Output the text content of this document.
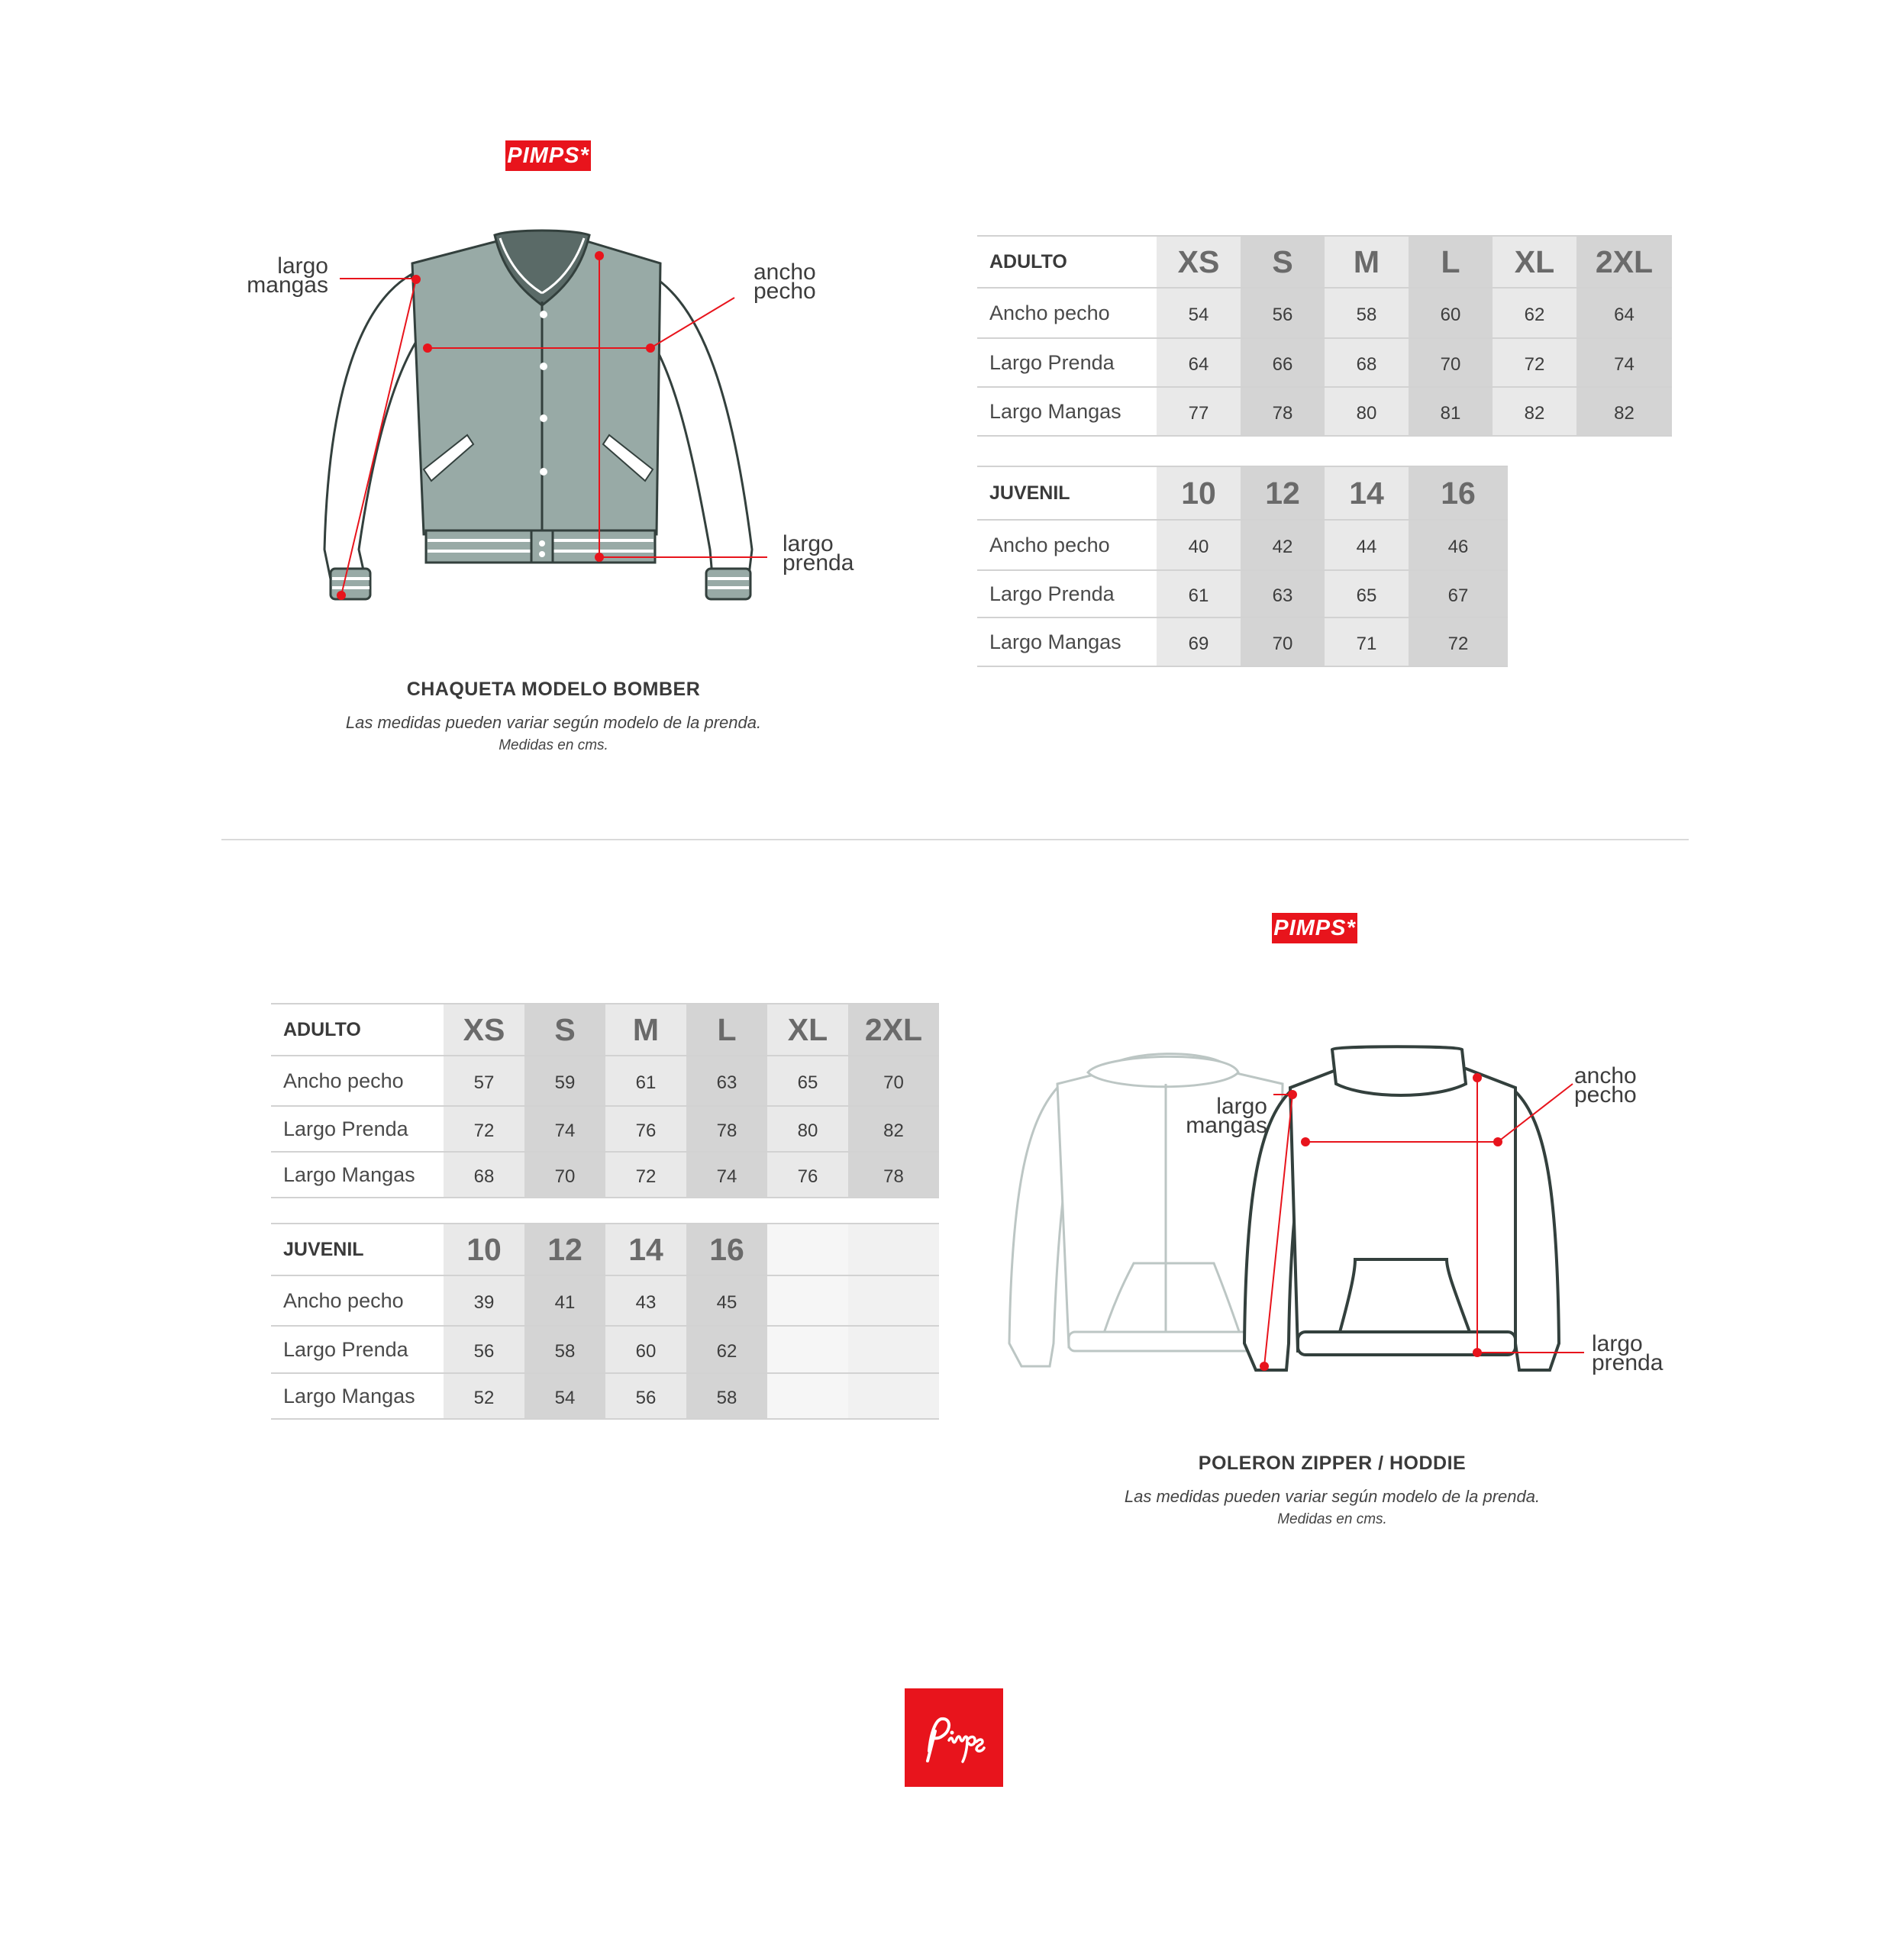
PIMPS*
largo
mangas
ancho
pecho
largo
prenda
CHAQUETA MODELO BOMBER
Las medidas pueden variar según modelo de la prenda.
Medidas en cms.
ADULTO	XS	S	M	L	XL	2XL
Ancho pecho	54	56	58	60	62	64
Largo Prenda	64	66	68	70	72	74
Largo Mangas	77	78	80	81	82	82
JUVENIL	10	12	14	16
Ancho pecho	40	42	44	46
Largo Prenda	61	63	65	67
Largo Mangas	69	70	71	72
PIMPS*
ADULTO	XS	S	M	L	XL	2XL
Ancho pecho	57	59	61	63	65	70
Largo Prenda	72	74	76	78	80	82
Largo Mangas	68	70	72	74	76	78
JUVENIL	10	12	14	16		
Ancho pecho	39	41	43	45		
Largo Prenda	56	58	60	62		
Largo Mangas	52	54	56	58		
largo
mangas
ancho
pecho
largo
prenda
POLERON ZIPPER / HODDIE
Las medidas pueden variar según modelo de la prenda.
Medidas en cms.
